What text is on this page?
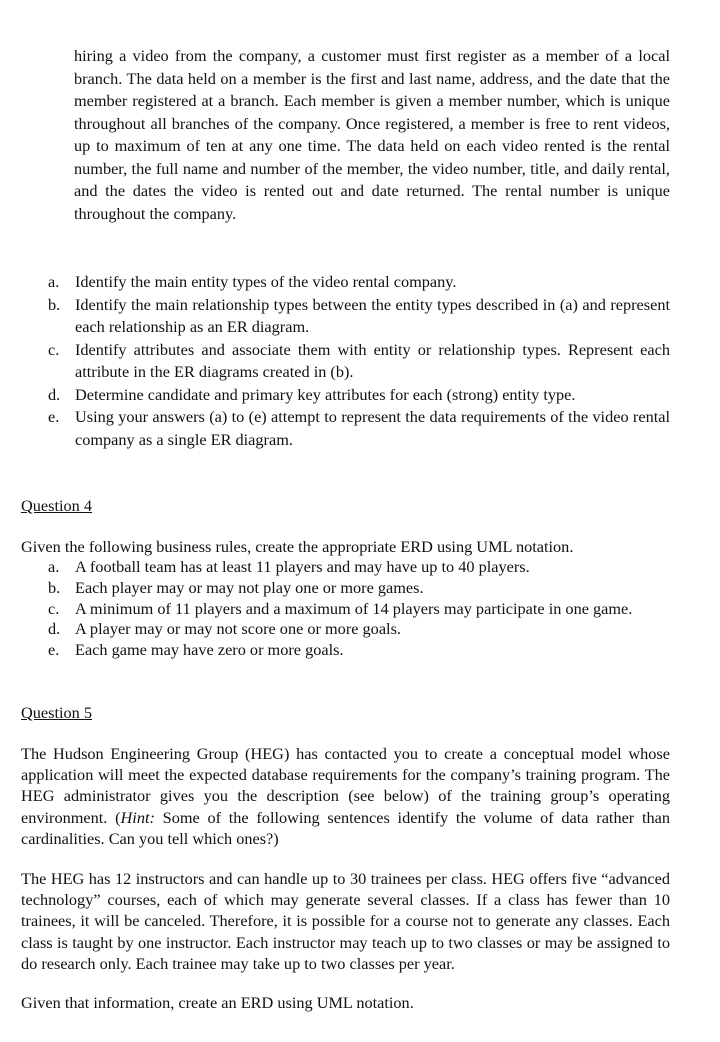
hiring a video from the company, a customer must first register as a member of a local branch. The data held on a member is the first and last name, address, and the date that the member registered at a branch. Each member is given a member number, which is unique throughout all branches of the company. Once registered, a member is free to rent videos, up to maximum of ten at any one time. The data held on each video rented is the rental number, the full name and number of the member, the video number, title, and daily rental, and the dates the video is rented out and date returned. The rental number is unique throughout the company.

a. Identify the main entity types of the video rental company.
b. Identify the main relationship types between the entity types described in (a) and represent each relationship as an ER diagram.
c. Identify attributes and associate them with entity or relationship types. Represent each attribute in the ER diagrams created in (b).
d. Determine candidate and primary key attributes for each (strong) entity type.
e. Using your answers (a) to (e) attempt to represent the data requirements of the video rental company as a single ER diagram.
Question 4

Given the following business rules, create the appropriate ERD using UML notation.

a. A football team has at least 11 players and may have up to 40 players.
b. Each player may or may not play one or more games.
c. A minimum of 11 players and a maximum of 14 players may participate in one game.
d. A player may or may not score one or more goals.
e. Each game may have zero or more goals.
Question 5

The Hudson Engineering Group (HEG) has contacted you to create a conceptual model whose application will meet the expected database requirements for the company’s training program. The HEG administrator gives you the description (see below) of the training group’s operating environment. (Hint: Some of the following sentences identify the volume of data rather than cardinalities. Can you tell which ones?)

The HEG has 12 instructors and can handle up to 30 trainees per class. HEG offers five “advanced technology” courses, each of which may generate several classes. If a class has fewer than 10 trainees, it will be canceled. Therefore, it is possible for a course not to generate any classes. Each class is taught by one instructor. Each instructor may teach up to two classes or may be assigned to do research only. Each trainee may take up to two classes per year.

Given that information, create an ERD using UML notation.
